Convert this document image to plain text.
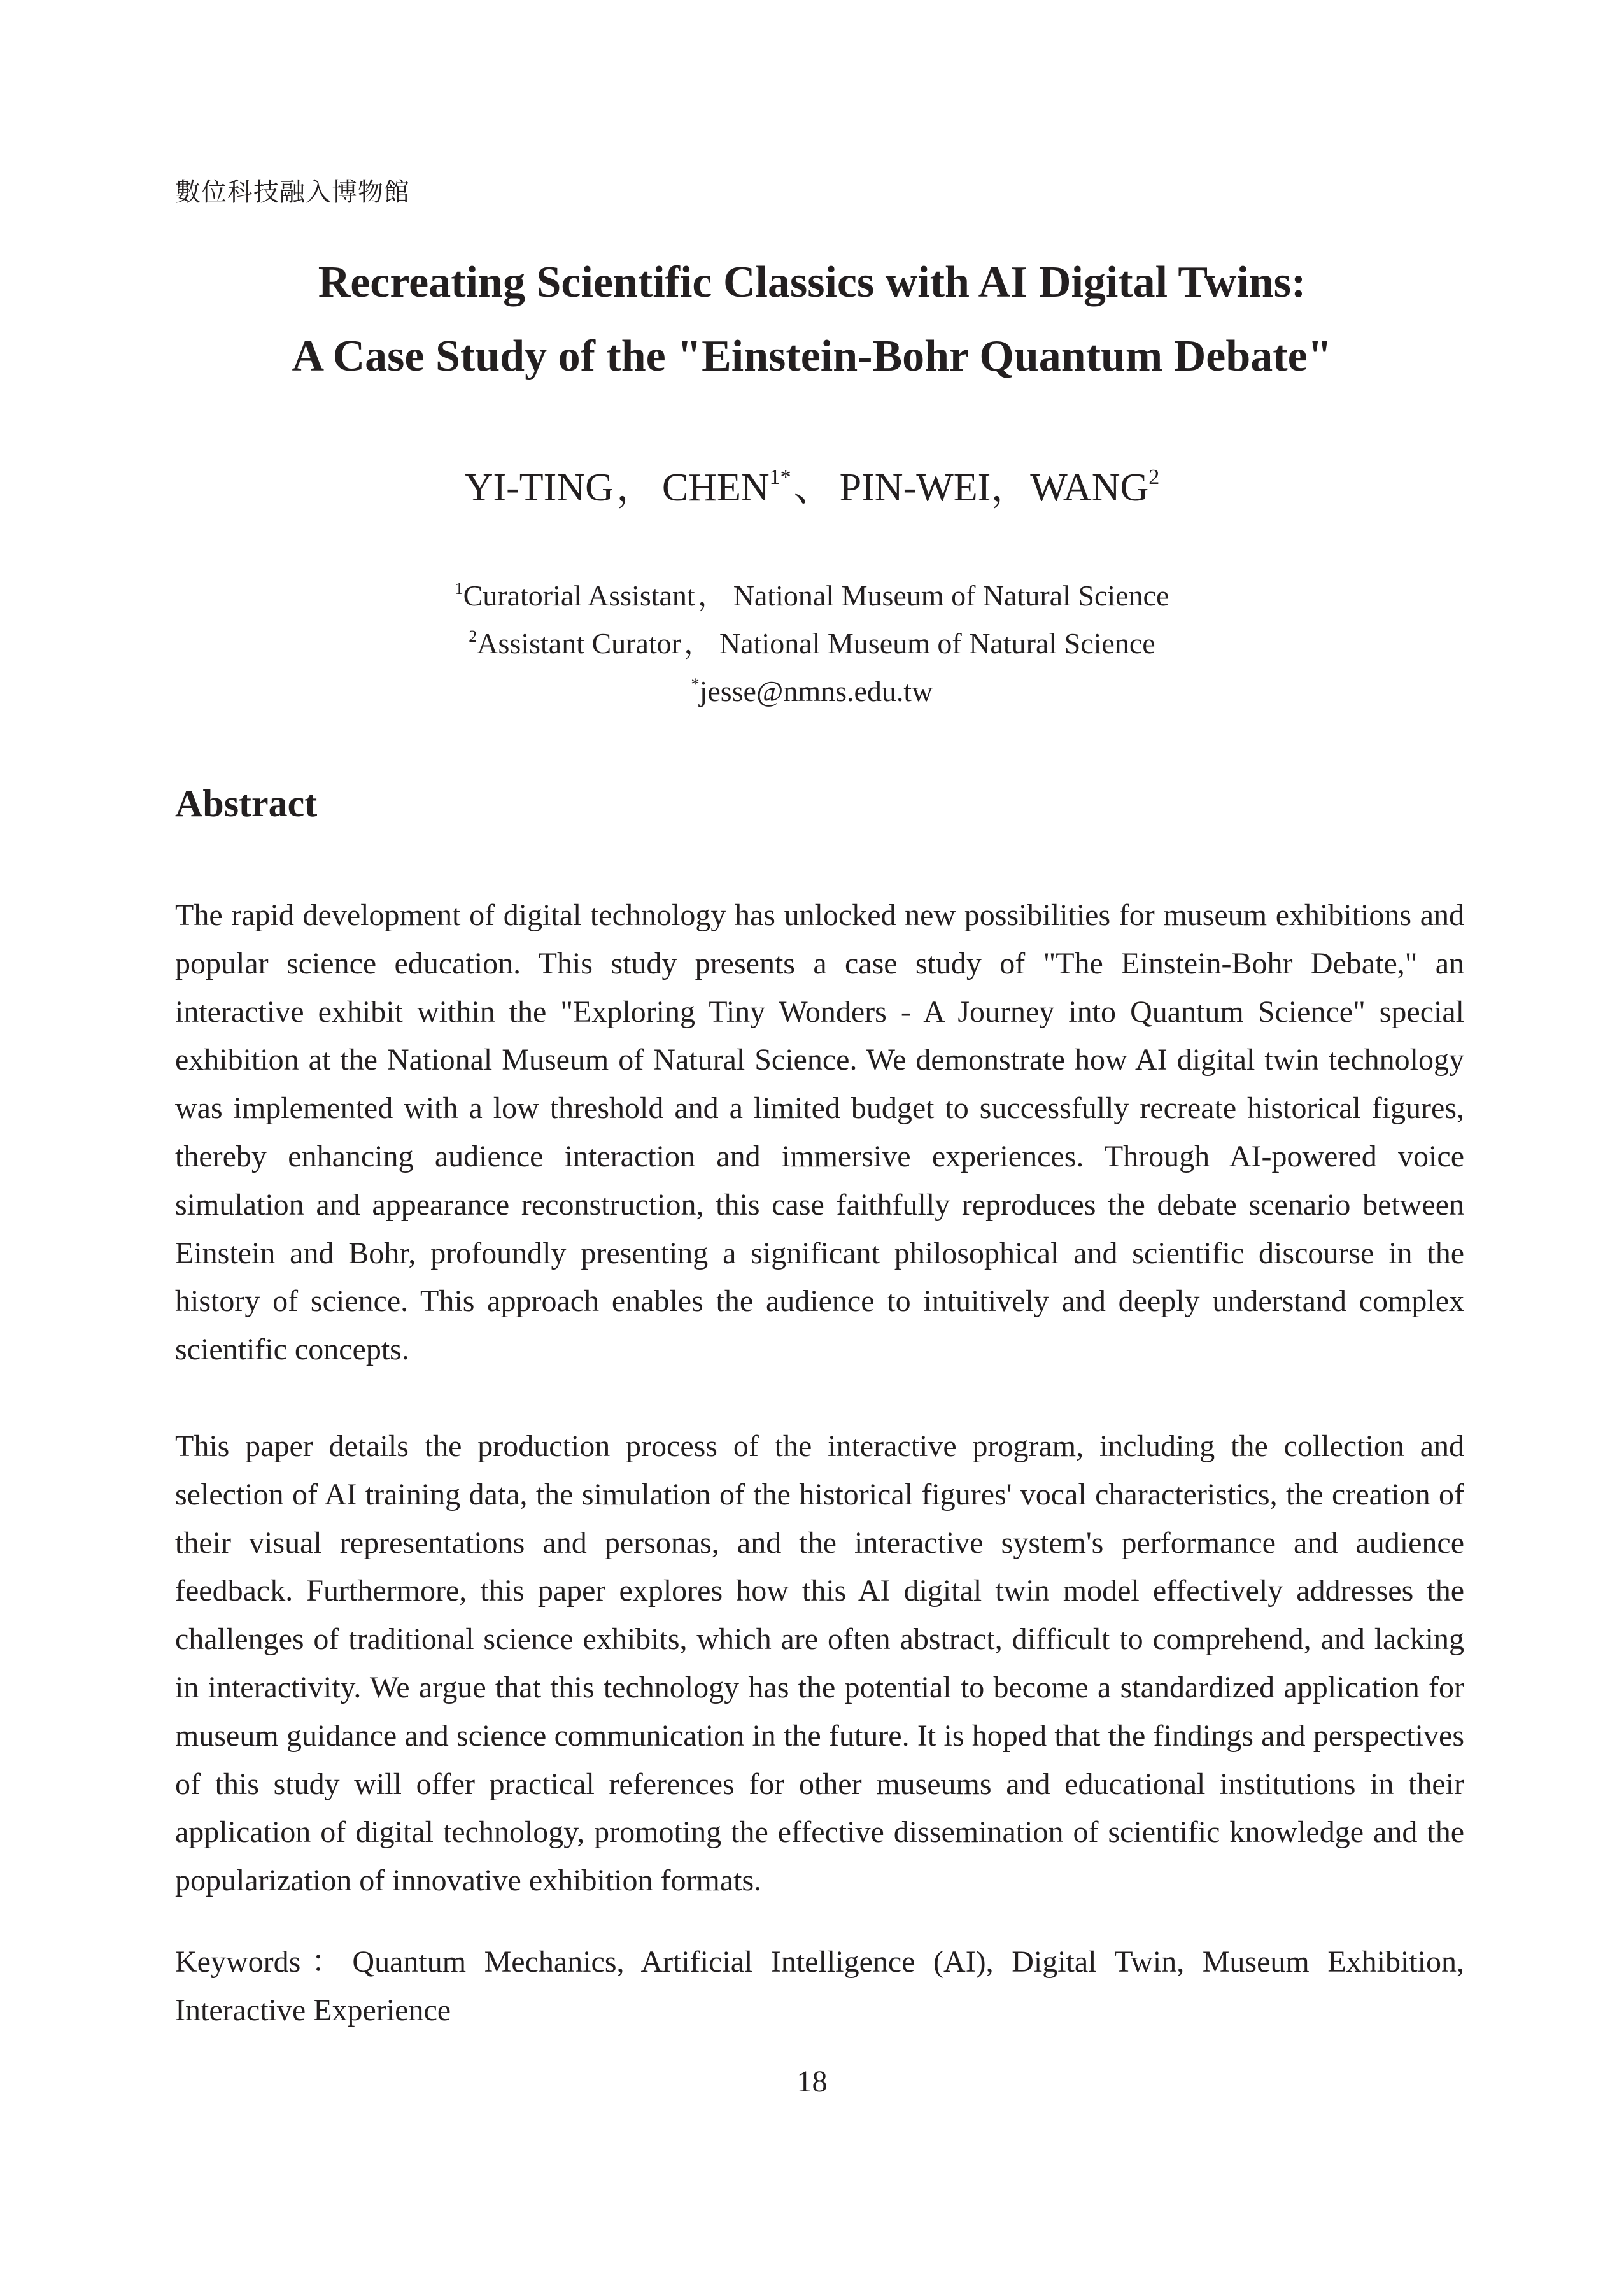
數位科技融入博物館
Recreating Scientific Classics with AI Digital Twins:
A Case Study of the "Einstein-Bohr Quantum Debate"
YI-TING， $CHEN^{1*}$、 PIN-WEI，WANG$^2$
$^1$Curatorial Assistant， National Museum of Natural Science
$^2$Assistant Curator， National Museum of Natural Science
*jesse@nmns.edu.tw
Abstract

The rapid development of digital technology has unlocked new possibilities for museum exhibitions and popular science education. This study presents a case study of "The Einstein-Bohr Debate," an interactive exhibit within the "Exploring Tiny Wonders - A Journey into Quantum Science" special exhibition at the National Museum of Natural Science. We demonstrate how AI digital twin technology was implemented with a low threshold and a limited budget to successfully recreate historical figures, thereby enhancing audience interaction and immersive experiences. Through AI-powered voice simulation and appearance reconstruction, this case faithfully reproduces the debate scenario between Einstein and Bohr, profoundly presenting a significant philosophical and scientific discourse in the history of science. This approach enables the audience to intuitively and deeply understand complex scientific concepts.

This paper details the production process of the interactive program, including the collection and selection of AI training data, the simulation of the historical figures' vocal characteristics, the creation of their visual representations and personas, and the interactive system's performance and audience feedback. Furthermore, this paper explores how this AI digital twin model effectively addresses the challenges of traditional science exhibits, which are often abstract, difficult to comprehend, and lacking in interactivity. We argue that this technology has the potential to become a standardized application for museum guidance and science communication in the future. It is hoped that the findings and perspectives of this study will offer practical references for other museums and educational institutions in their application of digital technology, promoting the effective dissemination of scientific knowledge and the popularization of innovative exhibition formats.

Keywords：Quantum Mechanics, Artificial Intelligence (AI), Digital Twin, Museum Exhibition, Interactive Experience

18
